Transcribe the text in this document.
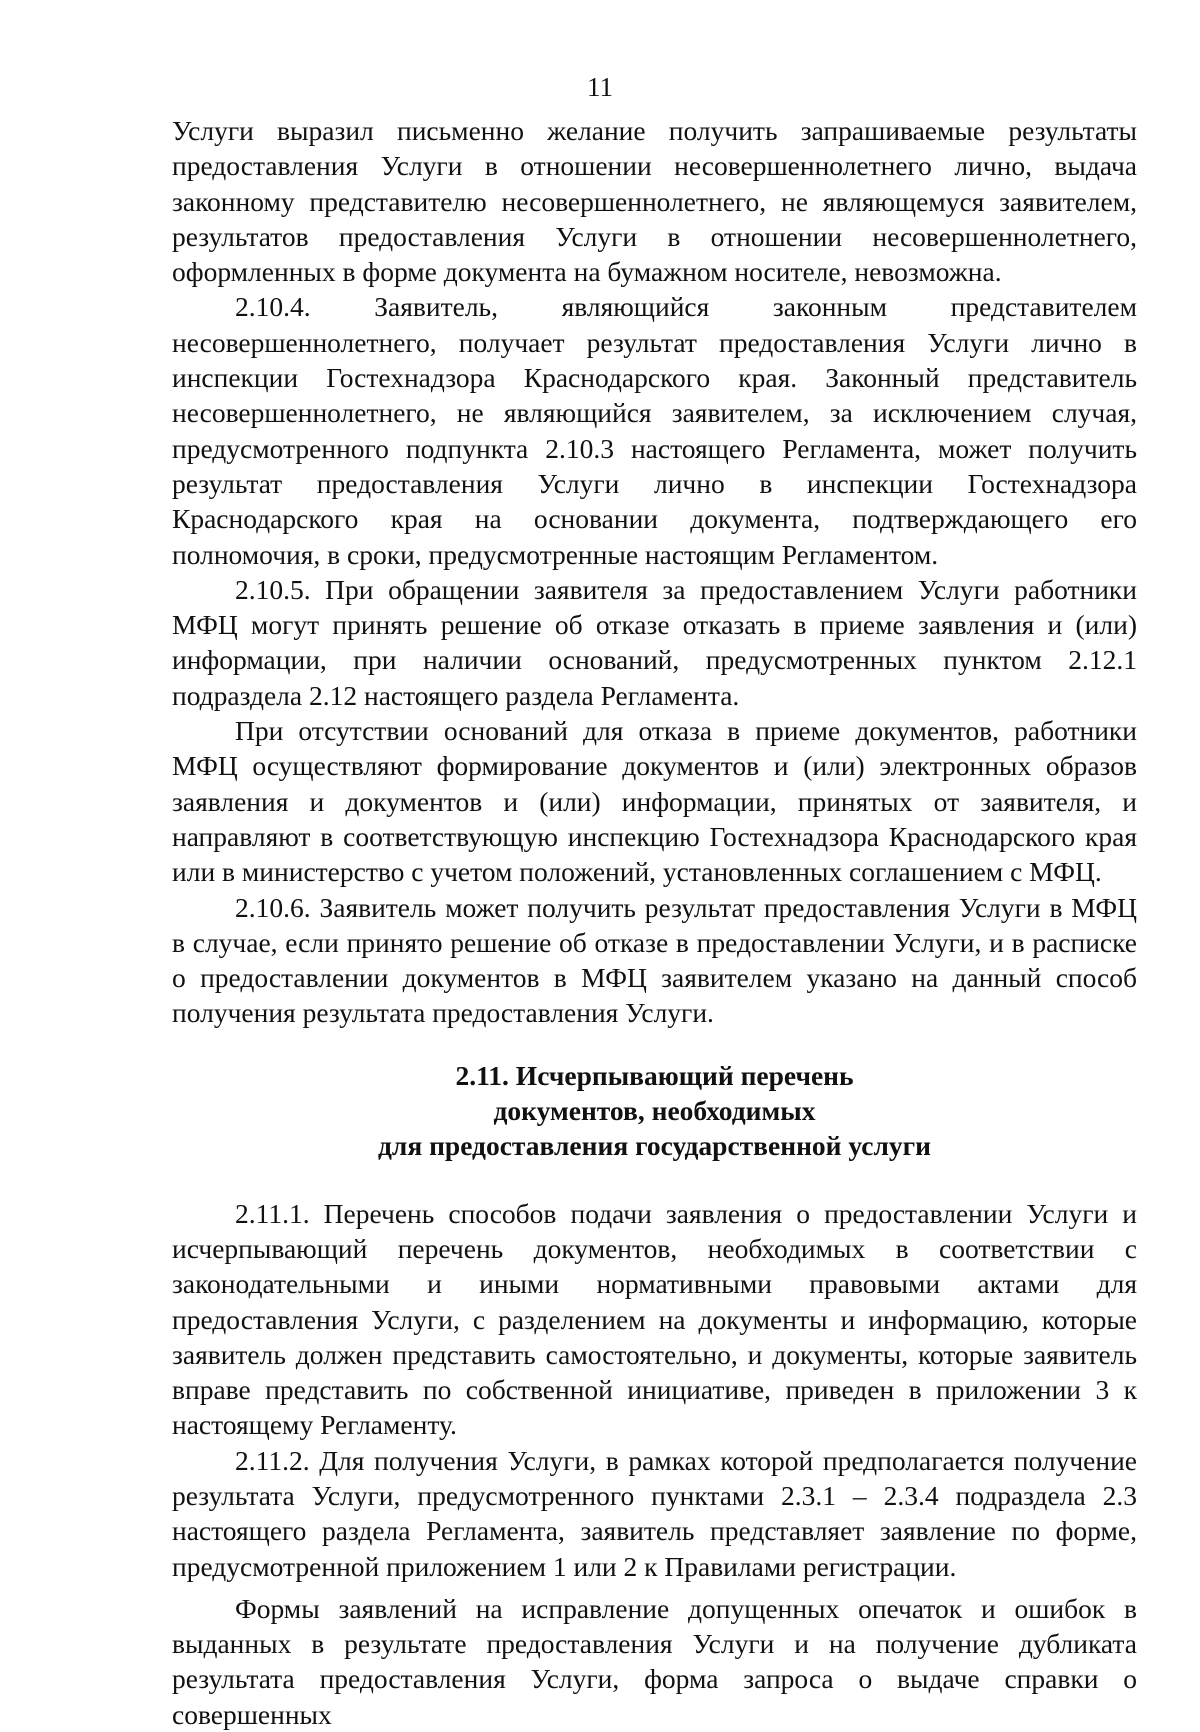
11

Услуги выразил письменно желание получить запрашиваемые результаты предоставления Услуги в отношении несовершеннолетнего лично, выдача законному представителю несовершеннолетнего, не являющемуся заявителем, результатов предоставления Услуги в отношении несовершеннолетнего, оформленных в форме документа на бумажном носителе, невозможна.

2.10.4. Заявитель, являющийся законным представителем несовершеннолетнего, получает результат предоставления Услуги лично в инспекции Гостехнадзора Краснодарского края. Законный представитель несовершеннолетнего, не являющийся заявителем, за исключением случая, предусмотренного подпункта 2.10.3 настоящего Регламента, может получить результат предоставления Услуги лично в инспекции Гостехнадзора Краснодарского края на основании документа, подтверждающего его полномочия, в сроки, предусмотренные настоящим Регламентом.

2.10.5. При обращении заявителя за предоставлением Услуги работники МФЦ могут принять решение об отказе отказать в приеме заявления и (или) информации, при наличии оснований, предусмотренных пунктом 2.12.1 подраздела 2.12 настоящего раздела Регламента.

При отсутствии оснований для отказа в приеме документов, работники МФЦ осуществляют формирование документов и (или) электронных образов заявления и документов и (или) информации, принятых от заявителя, и направляют в соответствующую инспекцию Гостехнадзора Краснодарского края или в министерство с учетом положений, установленных соглашением с МФЦ.

2.10.6. Заявитель может получить результат предоставления Услуги в МФЦ в случае, если принято решение об отказе в предоставлении Услуги, и в расписке о предоставлении документов в МФЦ заявителем указано на данный способ получения результата предоставления Услуги.

2.11. Исчерпывающий перечень
документов, необходимых
для предоставления государственной услуги

2.11.1. Перечень способов подачи заявления о предоставлении Услуги и исчерпывающий перечень документов, необходимых в соответствии с законодательными и иными нормативными правовыми актами для предоставления Услуги, с разделением на документы и информацию, которые заявитель должен представить самостоятельно, и документы, которые заявитель вправе представить по собственной инициативе, приведен в приложении 3 к настоящему Регламенту.

2.11.2. Для получения Услуги, в рамках которой предполагается получение результата Услуги, предусмотренного пунктами 2.3.1 – 2.3.4 подраздела 2.3 настоящего раздела Регламента, заявитель представляет заявление по форме, предусмотренной приложением 1 или 2 к Правилами регистрации.

Формы заявлений на исправление допущенных опечаток и ошибок в выданных в результате предоставления Услуги и на получение дубликата результата предоставления Услуги, форма запроса о выдаче справки о совершенных
